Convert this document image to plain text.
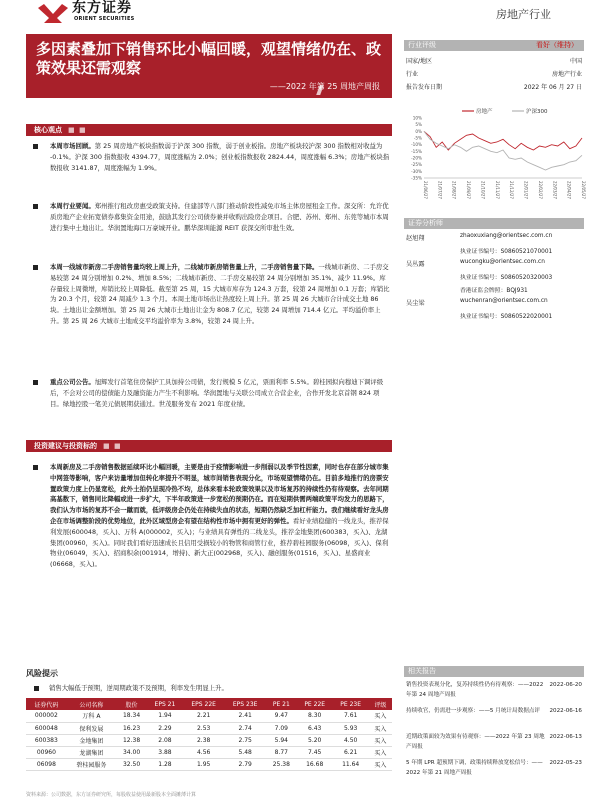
东方证券
ORIENT SECURITIES	房地产行业
多因素叠加下销售环比小幅回暖，观望情绪仍在、政策效果还需观察
——2022 年第 25 周地产周报
行业评级	看好（维持）
国家/地区	中国
行业	房地产行业
报告发布日期	2022 年 06 月 27 日
房地产	沪深300
10%
5%
0%
-5%
-10%
-15%
-20%
-25%
-30%
-35%
21/06/27 21/07/27 21/08/27 21/09/27 21/10/27 21/11/27 21/12/27 22/01/27 22/02/27 22/03/27 22/04/27 22/05/27
证券分析师
赵旭翔	zhaoxuxiang@orientsec.com.cn
执业证书编号：S0860521070001
吴丛露	wucongku@orientsec.com.cn
执业证书编号：S0860520320003
香港证监会牌照：BQJ931
吴尘梁	wuchenran@orientsec.com.cn
执业证书编号：S0860522020001
核心观点 ■ ■
本周市场回顾。第 25 周房地产板块指数弱于沪深 300 指数，弱于创业板指。房地产板块较沪深 300 指数相对收益为 -0.1%。沪深 300 指数报收 4394.77，周度涨幅为 2.0%；创业板指数报收 2824.44，周度涨幅 6.3%；房地产板块指数报收 3141.87，周度涨幅为 1.9%。
本周行业要闻。郑州推行租改房惠受政策支持。住建部等八部门推动阶段性减免市场主体房屋租金工作。深交所：允许优质房地产企业拓宽债券募集资金用途，鼓励其发行公司债券兼并收购出险房企项目。合肥、苏州、郑州、东莞等城市本周进行集中土地出让。华润置地海口万豪城开业。鹏华深圳能源 REIT 获深交所审批生效。
本周一线城市新房二手房销售量均较上周上升，二线城市新房销售量上升，二手房销售量下降。一线城市新房、二手房交易较第 24 周分别增加 0.2%、增加 8.5%；二线城市新房、二手房交易较第 24 周分别增加 35.1%、减少 11.9%。库存量较上周微增，库销比较上周降低。截至第 25 周，15 大城市库存为 124.3 万套，较第 24 周增加 0.1 万套；库销比为 20.3 个月，较第 24 周减少 1.3 个月。本周土地市场出让热度较上周上升。第 25 周 26 大城市合计成交土地 86 块。土地出让金额增加。第 25 周 26 大城市土地出让金为 808.7 亿元，较第 24 周增加 714.4 亿元。平均溢价率上升。第 25 周 26 大城市土地成交平均溢价率为 3.8%，较第 24 周上升。
重点公司公告。旭辉发行首笔住房保护工具加持公司债，发行规模 5 亿元，票面利率 5.5%。碧桂园拟向穆迪下调评级后，不会对公司的偿债能力及融资能力产生不利影响。华润置地与关联公司成立合营企业，合作开发北京首钢 824 项目。绿地控股一笔美元债展期获通过。世茂服务发布 2021 年度业绩。
投资建议与投资标的 ■ ■
本周新房及二手房销售数据延续环比小幅回暖，主要是由于疫情影响进一步削弱以及季节性因素，同时也存在部分城市集中网签等影响，客户来访量增加但转化率提升不明显，城市间销售表现分化，市场观望情绪仍在。目前多地推行的房票安置政策力度上仍显宽松，此外土拍仍呈现冷热不均，总体来看本轮政策效果以及市场复苏的持续性仍有待观察。去年同期高基数下，销售同比降幅或进一步扩大，下半年政策进一步宽松的预期仍在。而在短期供需两端政策平均发力的思路下，我们认为市场的复苏不会一蹴而就，低评级房企仍处在持续失血的状态，短期仍然缺乏加杠杆能力。我们继续看好龙头房企在市场调整阶段的优势地位，此外区域型房企有望在结构性市场中拥有更好的弹性。看好业绩稳健的一线龙头，推荐保利发展(600048，买入)、万科 A(000002，买入)；与业绩具有弹性的二线龙头，推荐金地集团(600383，买入)、龙湖集团(00960，买入)。同时我们看好迅速成长且信用受损较小的物管和商管行业，推荐碧桂园服务(06098，买入)、保利物业(06049，买入)、招商积余(001914，增持)、新大正(002968，买入)、融创服务(01516，买入)、星盛商业(06668，买入)。
风险提示
销售大幅低于预期，逆周期政策不及预期，利率发生明显上升。
证券代码	公司名称	股价	EPS 21	EPS 22E	EPS 23E	PE 21	PE 22E	PE 23E	评级
000002	万科 A	18.34	1.94	2.21	2.41	9.47	8.30	7.61	买入
600048	保利发展	16.23	2.29	2.53	2.74	7.09	6.43	5.93	买入
600383	金地集团	12.38	2.08	2.38	2.75	5.94	5.20	4.50	买入
00960	龙湖集团	34.00	3.88	4.56	5.48	8.77	7.45	6.21	买入
06098	碧桂园服务	32.50	1.28	1.95	2.79	25.38	16.68	11.64	买入
资料来源：公司数据，东方证券研究所，每股收益使用最新股本全面摊薄计算
相关报告
销售投资表现分化，复苏持续性仍有待观察：——2022 年第 24 周地产周报
2022-06-20
持续收官，仍需进一步观察：——5 月统计局数据点评	2022-06-16
近期政策面较为效果有待观察：——2022 年第 23 周地产周报
2022-06-13
5 年期 LPR 超预期下调，政策持续释放宽松信号：——2022 年第 21 周地产周报
2022-05-23
